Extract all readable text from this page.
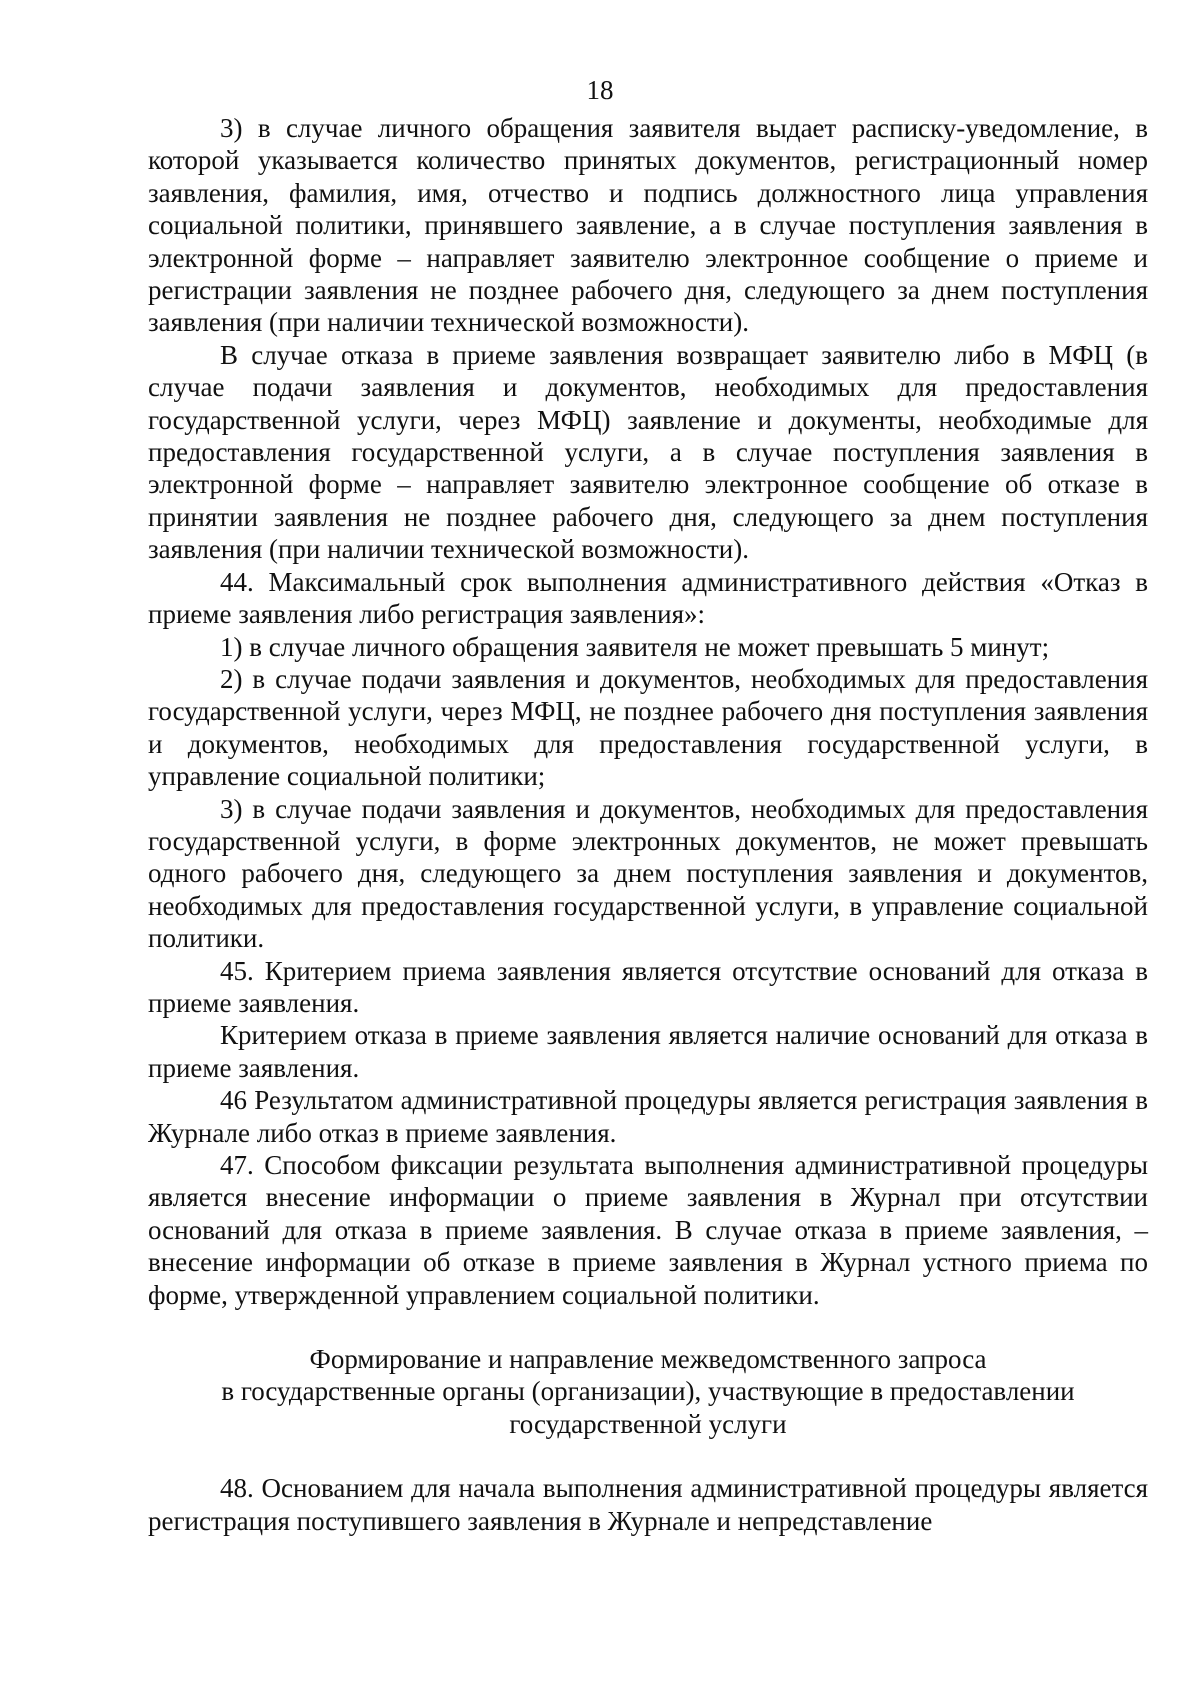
18

3) в случае личного обращения заявителя выдает расписку-уведомление, в которой указывается количество принятых документов, регистрационный номер заявления, фамилия, имя, отчество и подпись должностного лица управления социальной политики, принявшего заявление, а в случае поступления заявления в электронной форме – направляет заявителю электронное сообщение о приеме и регистрации заявления не позднее рабочего дня, следующего за днем поступления заявления (при наличии технической возможности).

В случае отказа в приеме заявления возвращает заявителю либо в МФЦ (в случае подачи заявления и документов, необходимых для предоставления государственной услуги, через МФЦ) заявление и документы, необходимые для предоставления государственной услуги, а в случае поступления заявления в электронной форме – направляет заявителю электронное сообщение об отказе в принятии заявления не позднее рабочего дня, следующего за днем поступления заявления (при наличии технической возможности).

44. Максимальный срок выполнения административного действия «Отказ в приеме заявления либо регистрация заявления»:

1) в случае личного обращения заявителя не может превышать 5 минут;

2) в случае подачи заявления и документов, необходимых для предоставления государственной услуги, через МФЦ, не позднее рабочего дня поступления заявления и документов, необходимых для предоставления государственной услуги, в управление социальной политики;

3) в случае подачи заявления и документов, необходимых для предоставления государственной услуги, в форме электронных документов, не может превышать одного рабочего дня, следующего за днем поступления заявления и документов, необходимых для предоставления государственной услуги, в управление социальной политики.

45. Критерием приема заявления является отсутствие оснований для отказа в приеме заявления.

Критерием отказа в приеме заявления является наличие оснований для отказа в приеме заявления.

46 Результатом административной процедуры является регистрация заявления в Журнале либо отказ в приеме заявления.

47. Способом фиксации результата выполнения административной процедуры является внесение информации о приеме заявления в Журнал при отсутствии оснований для отказа в приеме заявления. В случае отказа в приеме заявления, – внесение информации об отказе в приеме заявления в Журнал устного приема по форме, утвержденной управлением социальной политики.

Формирование и направление межведомственного запроса
в государственные органы (организации), участвующие в предоставлении
государственной услуги

48. Основанием для начала выполнения административной процедуры является регистрация поступившего заявления в Журнале и непредставление
